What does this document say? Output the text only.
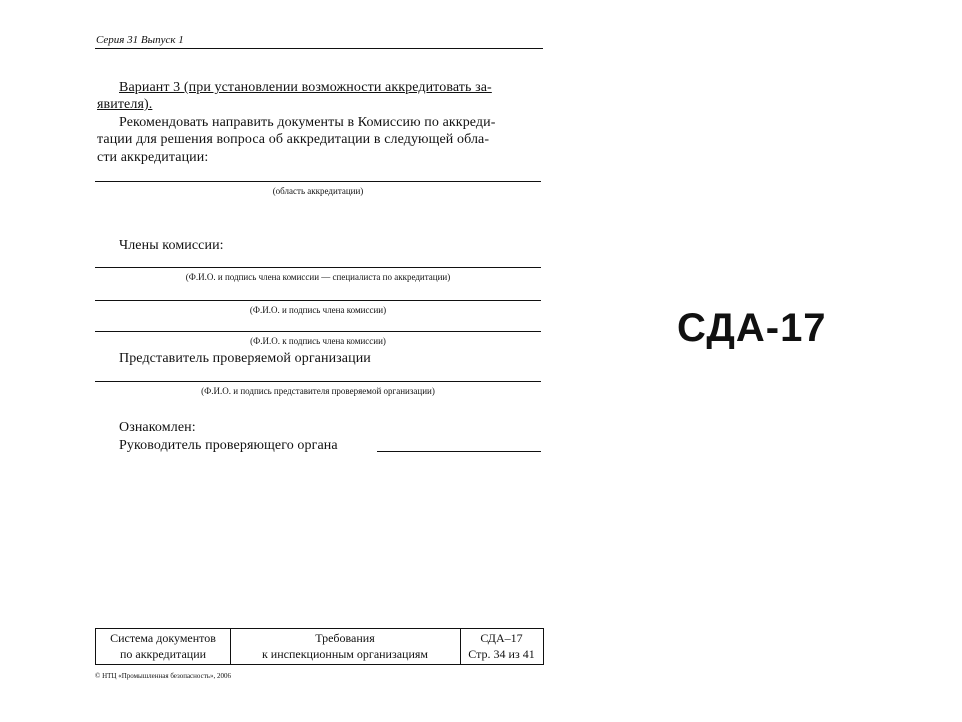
Серия 31 Выпуск 1
Вариант 3 (при установлении возможности аккредитовать за-
явителя).
Рекомендовать направить документы в Комиссию по аккреди-
тации для решения вопроса об аккредитации в следующей обла-
сти аккредитации:
(область аккредитации)
Члены комиссии:
(Ф.И.О. и подпись члена комиссии — специалиста по аккредитации)
(Ф.И.О. и подпись члена комиссии)
(Ф.И.О. к подпись члена комиссии)
Представитель проверяемой организации
(Ф.И.О. и подпись представителя проверяемой организации)
Ознакомлен:
Руководитель проверяющего органа
СДА-17
Система документов
по аккредитации
Требования
к инспекционным организациям
СДА–17
Стр. 34 из 41
© НТЦ «Промышленная безопасность», 2006
